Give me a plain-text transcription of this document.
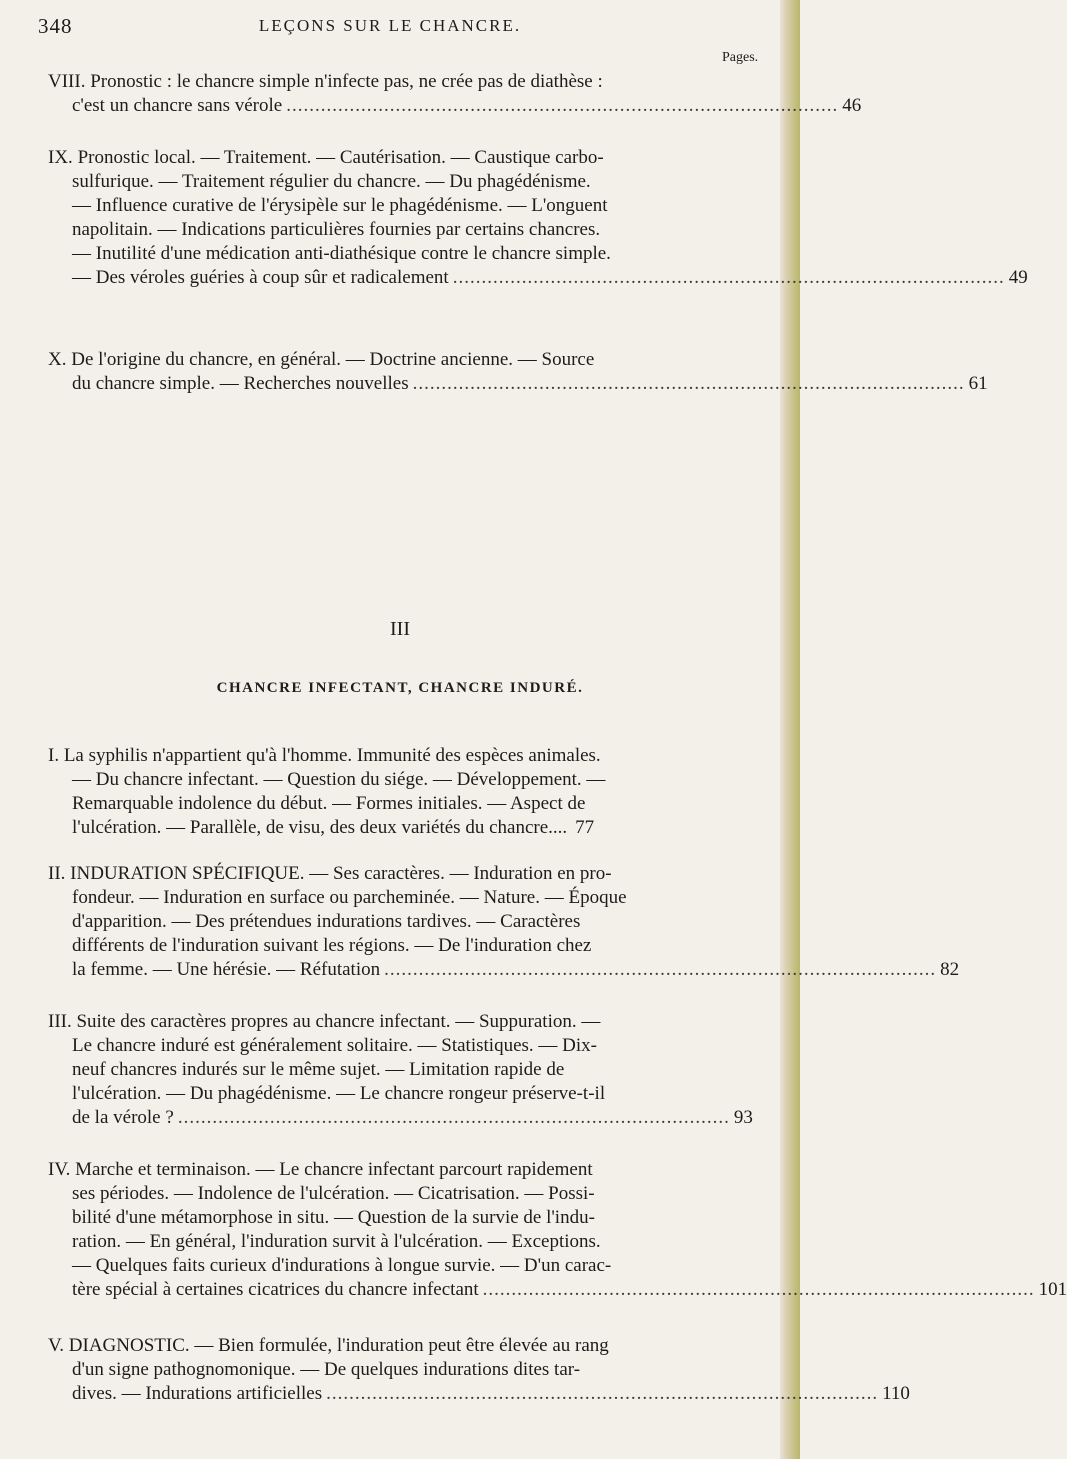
348	LEÇONS SUR LE CHANCRE.
Pages.
VIII. Pronostic : le chancre simple n'infecte pas, ne crée pas de diathèse :
c'est un chancre sans vérole ................................................................................................ 46
IX. Pronostic local. — Traitement. — Cautérisation. — Caustique carbo-
sulfurique. — Traitement régulier du chancre. — Du phagédénisme.
— Influence curative de l'érysipèle sur le phagédénisme. — L'onguent
napolitain. — Indications particulières fournies par certains chancres.
— Inutilité d'une médication anti-diathésique contre le chancre simple.
— Des véroles guéries à coup sûr et radicalement ................................................................................................ 49
X. De l'origine du chancre, en général. — Doctrine ancienne. — Source
du chancre simple. — Recherches nouvelles ................................................................................................ 61
III
CHANCRE INFECTANT, CHANCRE INDURÉ.
I. La syphilis n'appartient qu'à l'homme. Immunité des espèces animales.
— Du chancre infectant. — Question du siége. — Développement. —
Remarquable indolence du début. — Formes initiales. — Aspect de
l'ulcération. — Parallèle, de visu, des deux variétés du chancre.... 77
II. INDURATION SPÉCIFIQUE. — Ses caractères. — Induration en pro-
fondeur. — Induration en surface ou parcheminée. — Nature. — Époque
d'apparition. — Des prétendues indurations tardives. — Caractères
différents de l'induration suivant les régions. — De l'induration chez
la femme. — Une hérésie. — Réfutation ................................................................................................ 82
III. Suite des caractères propres au chancre infectant. — Suppuration. —
Le chancre induré est généralement solitaire. — Statistiques. — Dix-
neuf chancres indurés sur le même sujet. — Limitation rapide de
l'ulcération. — Du phagédénisme. — Le chancre rongeur préserve-t-il
de la vérole ? ................................................................................................ 93
IV. Marche et terminaison. — Le chancre infectant parcourt rapidement
ses périodes. — Indolence de l'ulcération. — Cicatrisation. — Possi-
bilité d'une métamorphose in situ. — Question de la survie de l'indu-
ration. — En général, l'induration survit à l'ulcération. — Exceptions.
— Quelques faits curieux d'indurations à longue survie. — D'un carac-
tère spécial à certaines cicatrices du chancre infectant ................................................................................................ 101
V. DIAGNOSTIC. — Bien formulée, l'induration peut être élevée au rang
d'un signe pathognomonique. — De quelques indurations dites tar-
dives. — Indurations artificielles ................................................................................................ 110
